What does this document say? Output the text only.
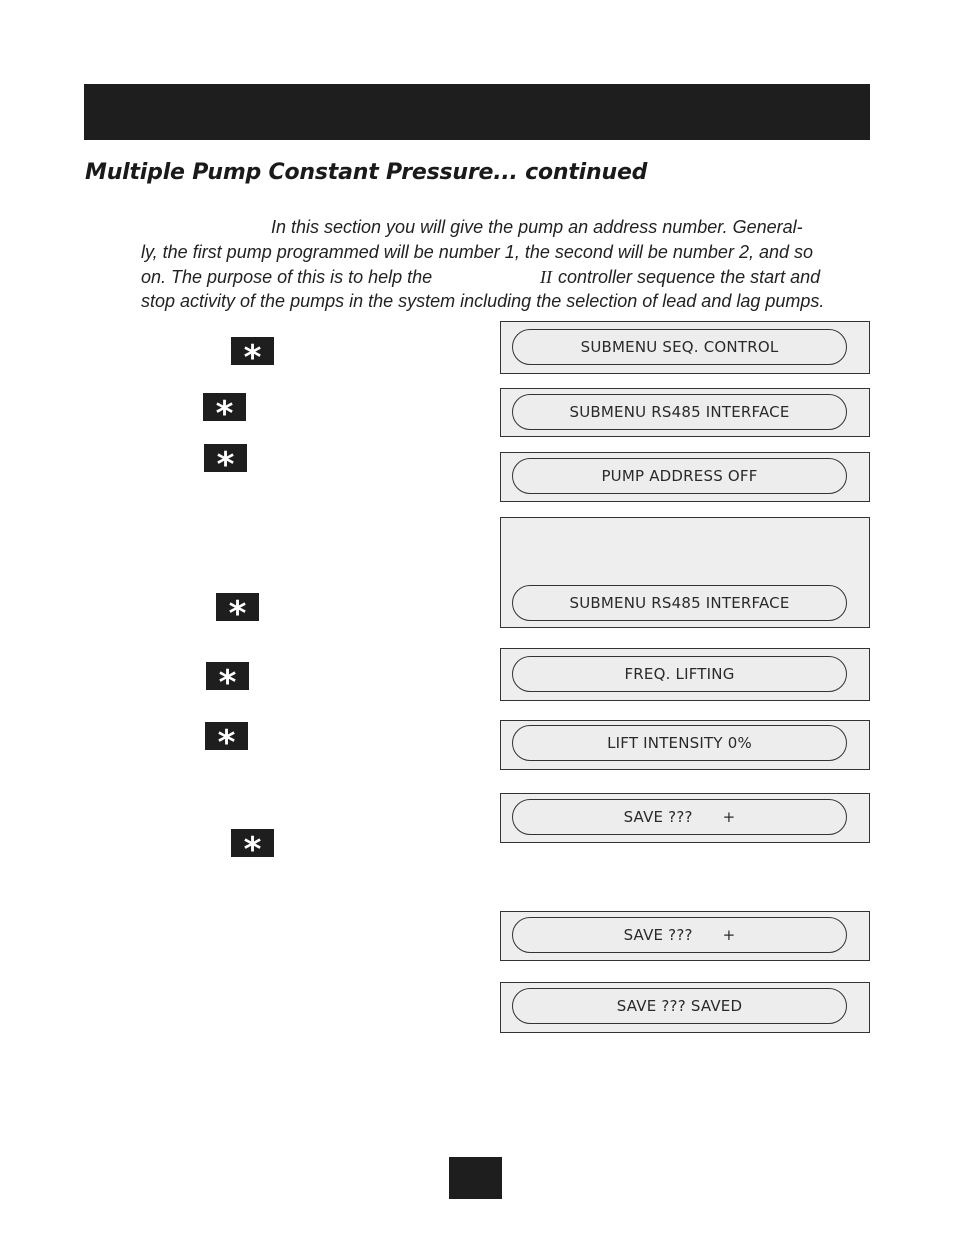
Multiple Pump Constant Pressure... continued
In this section you will give the pump an address number. General-
ly, the first pump programmed will be number 1, the second will be number 2, and so
on. The purpose of this is to help the	II controller sequence the start and
stop activity of the pumps in the system including the selection of lead and lag pumps.
*
*
*
*
*
*
*
SUBMENU SEQ. CONTROL
SUBMENU RS485 INTERFACE
PUMP ADDRESS OFF
SUBMENU RS485 INTERFACE
FREQ. LIFTING
LIFT INTENSITY 0%
SAVE ??? +
SAVE ??? +
SAVE ??? SAVED
